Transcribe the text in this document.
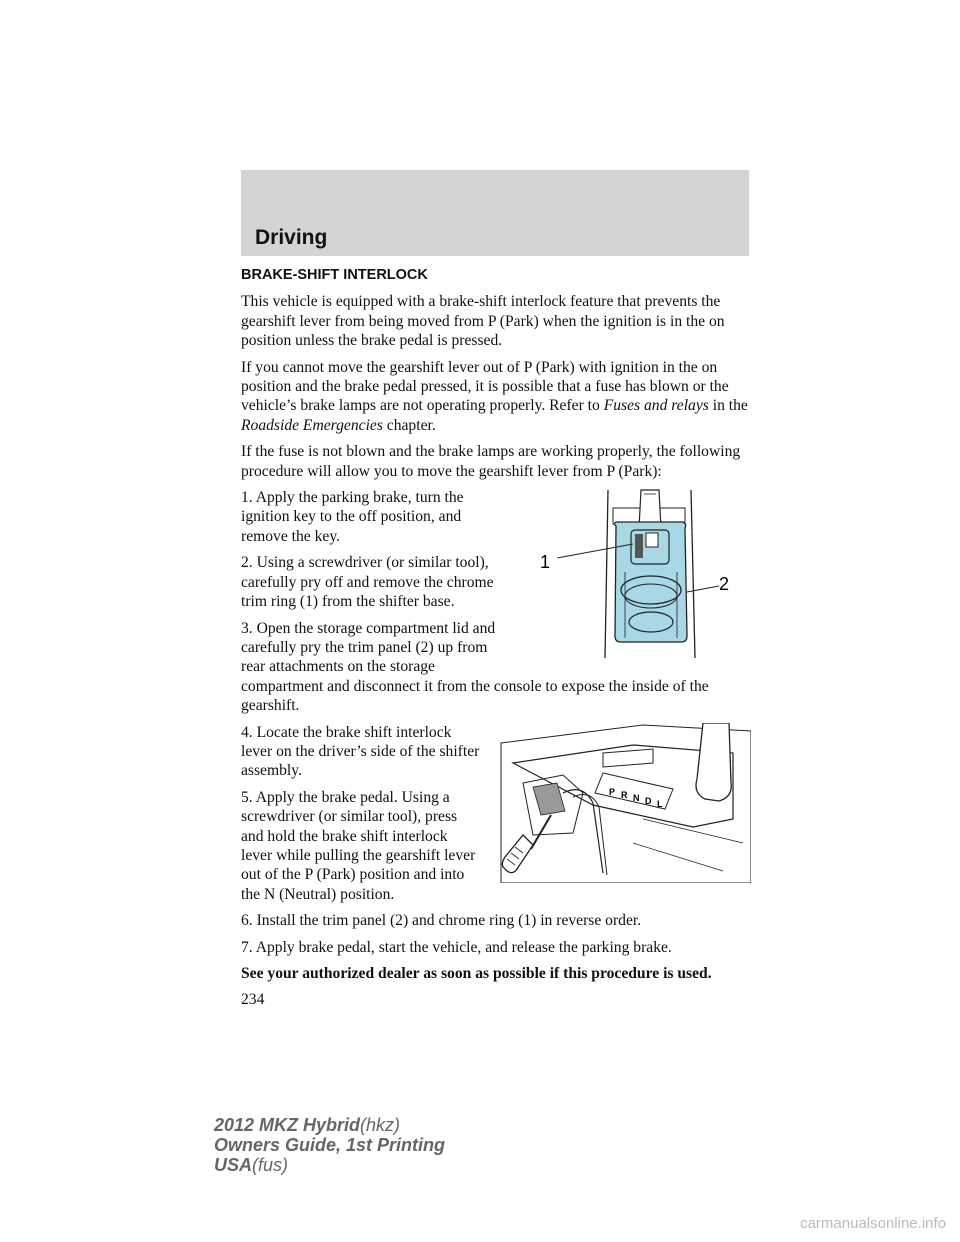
Driving
BRAKE-SHIFT INTERLOCK

This vehicle is equipped with a brake-shift interlock feature that prevents the gearshift lever from being moved from P (Park) when the ignition is in the on position unless the brake pedal is pressed.

If you cannot move the gearshift lever out of P (Park) with ignition in the on position and the brake pedal pressed, it is possible that a fuse has blown or the vehicle’s brake lamps are not operating properly. Refer to Fuses and relays in the Roadside Emergencies chapter.

If the fuse is not blown and the brake lamps are working properly, the following procedure will allow you to move the gearshift lever from P (Park):

1
2

1. Apply the parking brake, turn the ignition key to the off position, and remove the key.

2. Using a screwdriver (or similar tool), carefully pry off and remove the chrome trim ring (1) from the shifter base.

3. Open the storage compartment lid and carefully pry the trim panel (2) up from rear attachments on the storage compartment and disconnect it from the console to expose the inside of the gearshift.

P R N D L

4. Locate the brake shift interlock lever on the driver’s side of the shifter assembly.

5. Apply the brake pedal. Using a screwdriver (or similar tool), press and hold the brake shift interlock lever while pulling the gearshift lever out of the P (Park) position and into the N (Neutral) position.

6. Install the trim panel (2) and chrome ring (1) in reverse order.

7. Apply brake pedal, start the vehicle, and release the parking brake.

See your authorized dealer as soon as possible if this procedure is used.

234

2012 MKZ Hybrid(hkz)
Owners Guide, 1st Printing
USA(fus)
carmanualsonline.info
